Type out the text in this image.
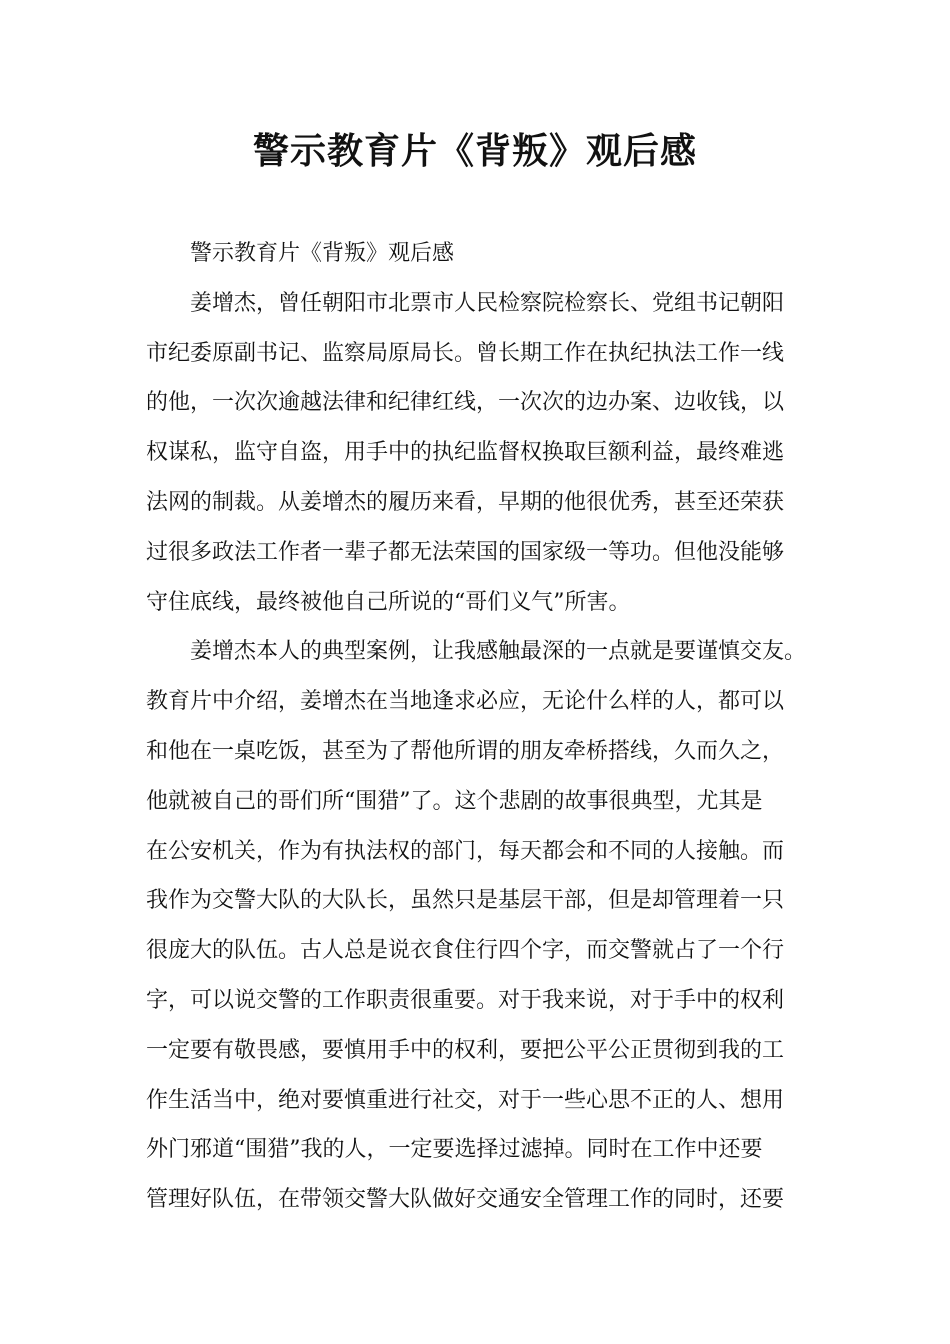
警示教育片《背叛》观后感
警示教育片《背叛》观后感
姜增杰，曾任朝阳市北票市人民检察院检察长、党组书记朝阳
市纪委原副书记、监察局原局长。曾长期工作在执纪执法工作一线
的他，一次次逾越法律和纪律红线，一次次的边办案、边收钱，以
权谋私，监守自盗，用手中的执纪监督权换取巨额利益，最终难逃
法网的制裁。从姜增杰的履历来看，早期的他很优秀，甚至还荣获
过很多政法工作者一辈子都无法荣国的国家级一等功。但他没能够
守住底线，最终被他自己所说的“哥们义气”所害。
姜增杰本人的典型案例，让我感触最深的一点就是要谨慎交友。
教育片中介绍，姜增杰在当地逢求必应，无论什么样的人，都可以
和他在一桌吃饭，甚至为了帮他所谓的朋友牵桥搭线，久而久之，
他就被自己的哥们所“围猎”了。这个悲剧的故事很典型，尤其是
在公安机关，作为有执法权的部门，每天都会和不同的人接触。而
我作为交警大队的大队长，虽然只是基层干部，但是却管理着一只
很庞大的队伍。古人总是说衣食住行四个字，而交警就占了一个行
字，可以说交警的工作职责很重要。对于我来说，对于手中的权利
一定要有敬畏感，要慎用手中的权利，要把公平公正贯彻到我的工
作生活当中，绝对要慎重进行社交，对于一些心思不正的人、想用
外门邪道“围猎”我的人，一定要选择过滤掉。同时在工作中还要
管理好队伍，在带领交警大队做好交通安全管理工作的同时，还要
